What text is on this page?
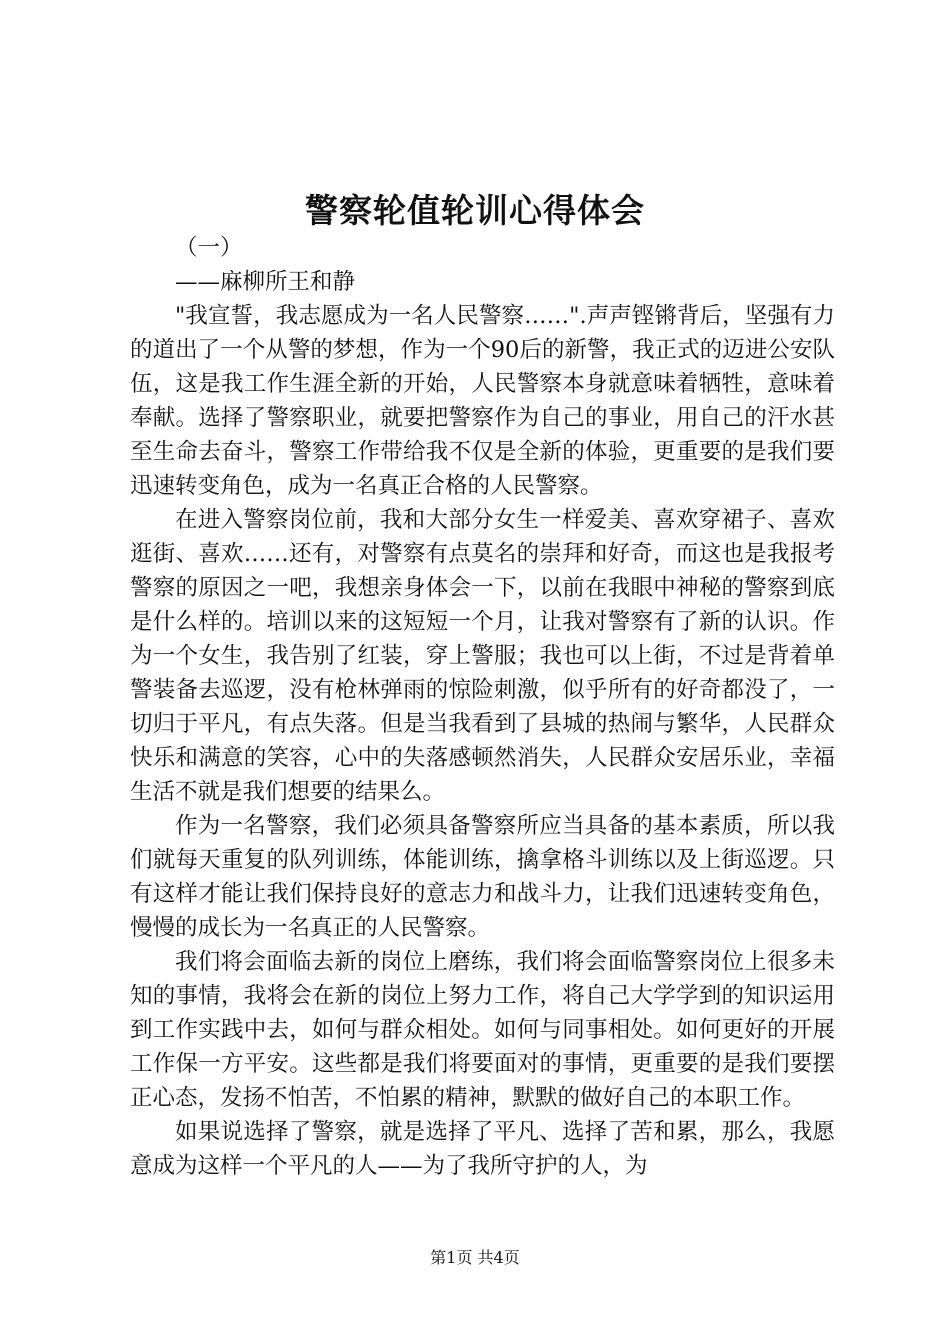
警察轮值轮训心得体会

（一）

——麻柳所王和静

"我宣誓，我志愿成为一名人民警察……".声声铿锵背后，坚强有力的道出了一个从警的梦想，作为一个90后的新警，我正式的迈进公安队伍，这是我工作生涯全新的开始，人民警察本身就意味着牺牲，意味着奉献。选择了警察职业，就要把警察作为自己的事业，用自己的汗水甚至生命去奋斗，警察工作带给我不仅是全新的体验，更重要的是我们要迅速转变角色，成为一名真正合格的人民警察。

在进入警察岗位前，我和大部分女生一样爱美、喜欢穿裙子、喜欢逛街、喜欢……还有，对警察有点莫名的崇拜和好奇，而这也是我报考警察的原因之一吧，我想亲身体会一下，以前在我眼中神秘的警察到底是什么样的。培训以来的这短短一个月，让我对警察有了新的认识。作为一个女生，我告别了红装，穿上警服；我也可以上街，不过是背着单警装备去巡逻，没有枪林弹雨的惊险刺激，似乎所有的好奇都没了，一切归于平凡，有点失落。但是当我看到了县城的热闹与繁华，人民群众快乐和满意的笑容，心中的失落感顿然消失，人民群众安居乐业，幸福生活不就是我们想要的结果么。

作为一名警察，我们必须具备警察所应当具备的基本素质，所以我们就每天重复的队列训练，体能训练，擒拿格斗训练以及上街巡逻。只有这样才能让我们保持良好的意志力和战斗力，让我们迅速转变角色，慢慢的成长为一名真正的人民警察。

我们将会面临去新的岗位上磨练，我们将会面临警察岗位上很多未知的事情，我将会在新的岗位上努力工作，将自己大学学到的知识运用到工作实践中去，如何与群众相处。如何与同事相处。如何更好的开展工作保一方平安。这些都是我们将要面对的事情，更重要的是我们要摆正心态，发扬不怕苦，不怕累的精神，默默的做好自己的本职工作。

如果说选择了警察，就是选择了平凡、选择了苦和累，那么，我愿意成为这样一个平凡的人——为了我所守护的人，为

第1页 共4页
